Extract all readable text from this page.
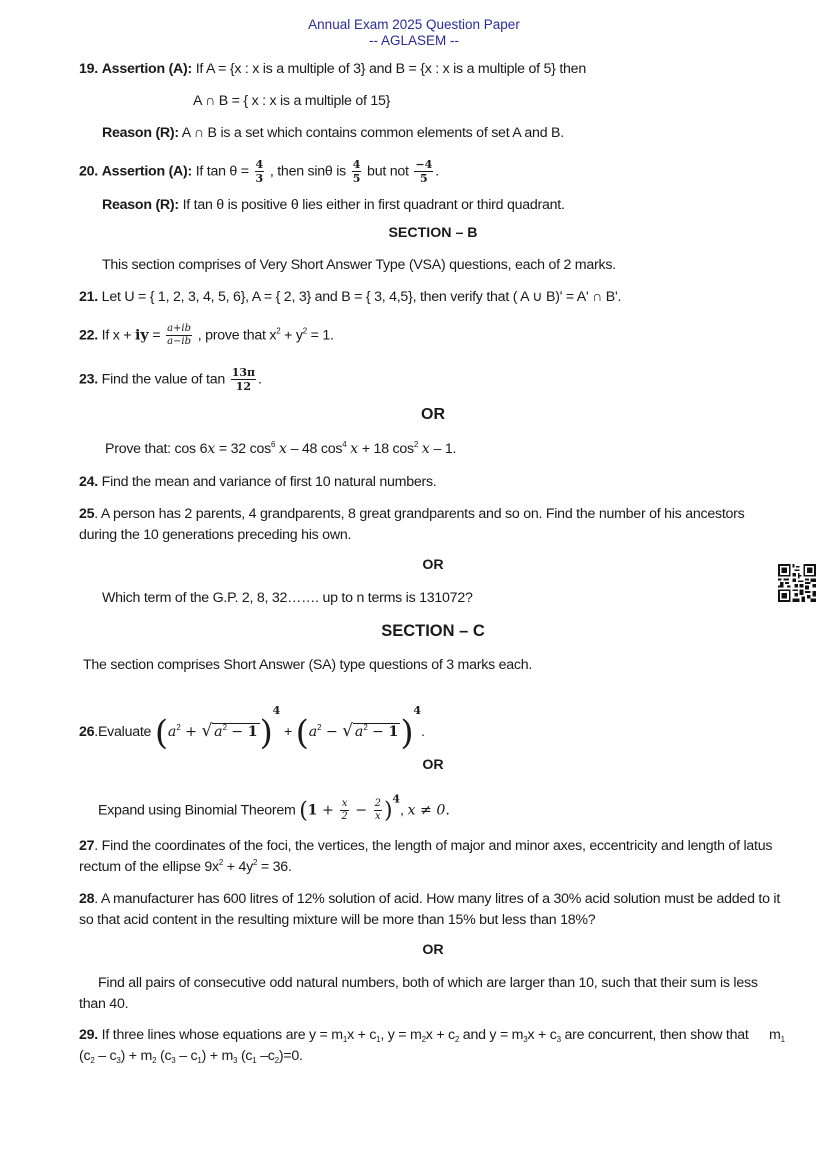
Annual Exam 2025 Question Paper
-- AGLASEM --
19. Assertion (A): If A = {x : x is a multiple of 3} and B = {x : x is a multiple of 5} then
A ∩ B = { x : x is a multiple of 15}
Reason (R): A ∩ B is a set which contains common elements of set A and B.
20. Assertion (A): If $\tan \theta = \frac{4}{3}$ , then sinθ is $\frac{4}{5}$ but not $\frac{-4}{5}$ .
Reason (R): If tan θ is positive θ lies either in first quadrant or third quadrant.
SECTION – B
This section comprises of Very Short Answer Type (VSA) questions, each of 2 marks.
21. Let U = { 1, 2, 3, 4, 5, 6}, A = { 2, 3} and B = { 3, 4,5}, then verify that ( A ∪ B)' = A' ∩ B'.
22. If x + iy = $\frac{a+ib}{a-ib}$ , prove that $x^2 + y^2 = 1$.
23. Find the value of $\tan \frac{13\pi}{12}$ .
OR
Prove that: cos 6x = 32 $\cos^6 x - 48$ $\cos^4 x + 18$ $\cos^2 x - 1$.
24. Find the mean and variance of first 10 natural numbers.
25. A person has 2 parents, 4 grandparents, 8 great grandparents and so on. Find the number of his ancestors
during the 10 generations preceding his own.
OR
Which term of the G.P. 2, 8, 32……. up to n terms is 131072?
SECTION – C
The section comprises Short Answer (SA) type questions of 3 marks each.
26.Evaluate ($a^2$ + √ $a^2 - 1)^4 + (a^2$ − √ $a^2 - 1)^4$.
OR
Expand using Binomial Theorem $(1 + \frac{x}{2} - \frac{2}{x} )^4$, x ≠ 0.
27. Find the coordinates of the foci, the vertices, the length of major and minor axes, eccentricity and length of latus
rectum of the ellipse $9x^2 + 4y^2 = 36$.
28. A manufacturer has 600 litres of 12% solution of acid. How many litres of a 30% acid solution must be added to it
so that acid content in the resulting mixture will be more than 15% but less than 18%?
OR
Find all pairs of consecutive odd natural numbers, both of which are larger than 10, such that their sum is less
than 40.
29. If three lines whose equations are $y = m_1x + c_1$, $y = m_2x + c_2$ and $y = m_3x + c_3$ are concurrent, then show that $m_1$
$(c_2 - c_3) + m_2$ $(c_3 - c_1) + m_3$ ($c_1$ $-c_2)=0$.
